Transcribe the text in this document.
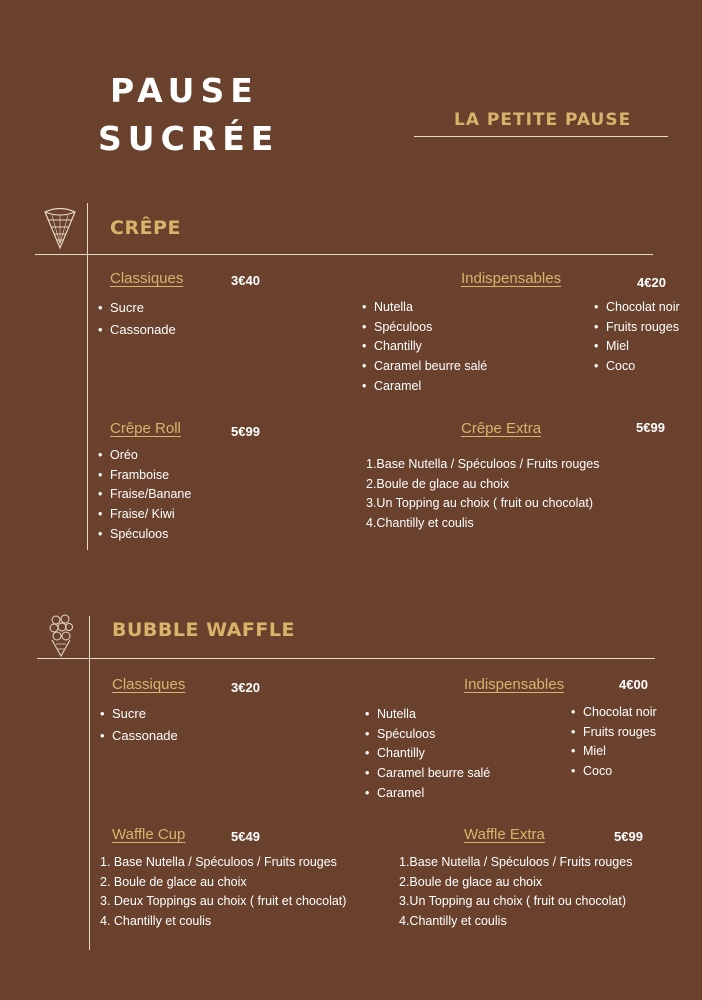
PAUSE
SUCRÉE	LA PETITE PAUSE
CRÊPE
Classiques	3€40
• Sucre
• Cassonade
Indispensables	4€20
• Nutella
• Spéculoos
• Chantilly
• Caramel beurre salé
• Caramel
• Chocolat noir
• Fruits rouges
• Miel
• Coco
Crêpe Roll	5€99
• Oréo
• Framboise
• Fraise/Banane
• Fraise/ Kiwi
• Spéculoos
Crêpe Extra	5€99
1.Base Nutella / Spéculoos / Fruits rouges
2.Boule de glace au choix
3.Un Topping au choix ( fruit ou chocolat)
4.Chantilly et coulis
BUBBLE WAFFLE
Classiques	3€20
• Sucre
• Cassonade
Indispensables	4€00
• Nutella
• Spéculoos
• Chantilly
• Caramel beurre salé
• Caramel
• Chocolat noir
• Fruits rouges
• Miel
• Coco
Waffle Cup	5€49
1. Base Nutella / Spéculoos / Fruits rouges
2. Boule de glace au choix
3. Deux Toppings au choix ( fruit et chocolat)
4. Chantilly et coulis
Waffle Extra	5€99
1.Base Nutella / Spéculoos / Fruits rouges
2.Boule de glace au choix
3.Un Topping au choix ( fruit ou chocolat)
4.Chantilly et coulis
